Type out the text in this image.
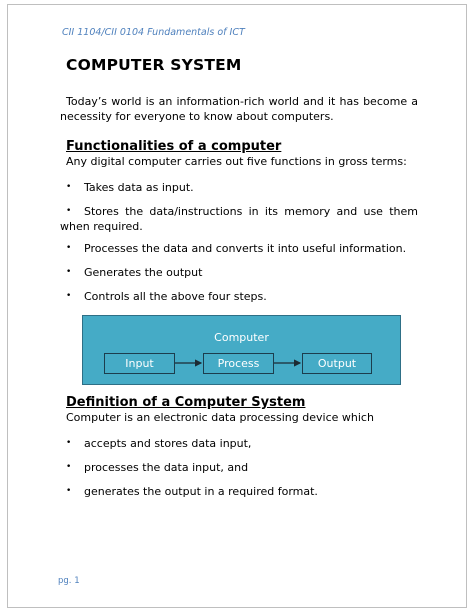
CII 1104/CII 0104 Fundamentals of ICT
COMPUTER SYSTEM

Today’s world is an information-rich world and it has become a necessity for everyone to know about computers.

Functionalities of a computer

Any digital computer carries out five functions in gross terms:

•	Takes data as input.
•	Stores the data/instructions in its memory and use them when required.
•	Processes the data and converts it into useful information.
•	Generates the output
•	Controls all the above four steps.
Computer
Input	Process	Output
Definition of a Computer System

Computer is an electronic data processing device which

•	accepts and stores data input,
•	processes the data input, and
•	generates the output in a required format.
pg. 1
